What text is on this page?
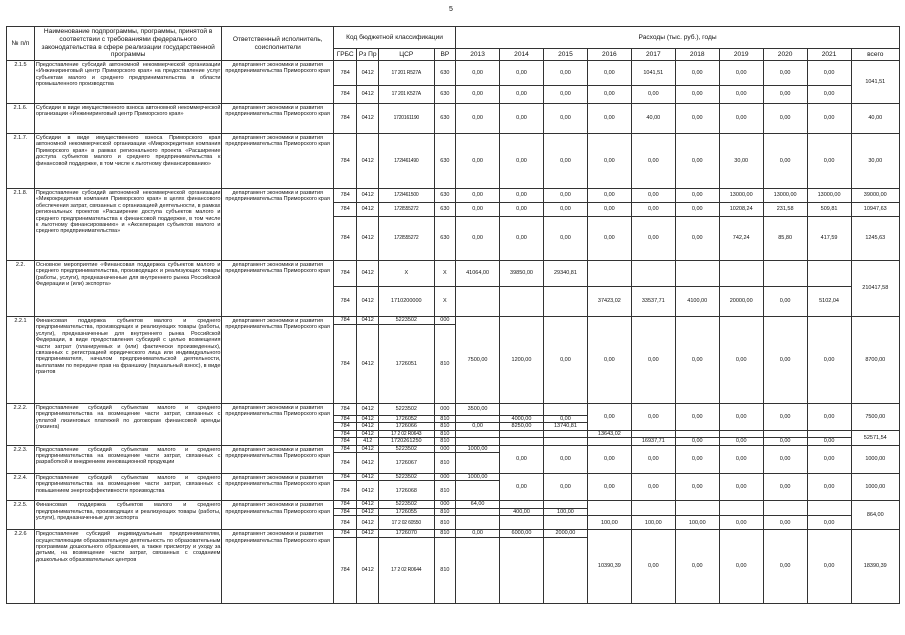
5
№ п/п	Наименование подпрограммы, программы, принятой в соответствии с требованиями федерального законодательства в сфере реализации государственной программы	Ответственный исполнитель, соисполнители	Код бюджетной классификации				Расходы (тыс. руб.), годы									
			ГРБС	Рз Пр	ЦСР	ВР	2013	2014	2015	2016	2017	2018	2019	2020	2021	всего
2.1.5	Предоставление субсидий автономной некоммерческой организации «Инжиниринговый центр Приморского края» на предоставление услуг субъектам малого и среднего предпринимательства в области промышленного производства	департамент экономики и развития предпринимательства Приморского края	784	0412	17 201 R527A	630	0,00	0,00	0,00	0,00	1041,51	0,00	0,00	0,00	0,00	1041,51
			784	0412	17 201 K527A	630	0,00	0,00	0,00	0,00	0,00	0,00	0,00	0,00	0,00	
2.1.6.	Субсидии в виде имущественного взноса автономной некоммерческой организации «Инжиниринговый центр Приморского края»	департамент экономики и развития предпринимательства Приморского края	784	0412	1720161190	630	0,00	0,00	0,00	0,00	40,00	0,00	0,00	0,00	0,00	40,00
2.1.7.	Субсидии в виде имущественного взноса Приморского края автономной некоммерческой организации «Микрокредитная компания Приморского края» в рамках регионального проекта «Расширение доступа субъектов малого и среднего предпринимательства к финансовой поддержке, в том числе к льготному финансированию»	департамент экономики и развития предпринимательства Приморского края	784	0412	172I461490	630	0,00	0,00	0,00	0,00	0,00	0,00	30,00	0,00	0,00	30,00
2.1.8.	Предоставление субсидий автономной некоммерческой организации «Микрокредитная компания Приморского края» в целях финансового обеспечения затрат, связанных с организацией деятельности, в рамках региональных проектов «Расширение доступа субъектов малого и среднего предпринимательства к финансовой поддержке, в том числе к льготному финансированию» и «Акселерация субъектов малого и среднего предпринимательства»	департамент экономики и развития предпринимательства Приморского края	784	0412	172I461500	630	0,00	0,00	0,00	0,00	0,00	0,00	13000,00	13000,00	13000,00	39000,00
			784	0412	172I555272	630	0,00	0,00	0,00	0,00	0,00	0,00	10208,24	231,58	509,81	10947,63
			784	0412	172I555272	630	0,00	0,00	0,00	0,00	0,00	0,00	742,24	85,80	417,59	1245,63
2.2.	Основное мероприятие «Финансовая поддержка субъектов малого и среднего предпринимательства, производящих и реализующих товары (работы, услуги), предназначенные для внутреннего рынка Российской Федерации и (или) экспорта»	департамент экономики и развития предпринимательства Приморского края	784	0412	Х	Х	41064,00	39850,00	29340,81							210417,58
			784	0412	1710200000	Х				37423,02	33537,71	4100,00	20000,00	0,00	5102,04	
2.2.1	Финансовая поддержка субъектов малого и среднего предпринимательства, производящих и реализующих товары (работы, услуги), предназначенные для внутреннего рынка Российской Федерации, в виде предоставления субсидий с целью возмещения части затрат (планируемых и (или) фактически произведенных), связанных с регистрацией юридического лица или индивидуального предпринимателя, началом предпринимательской деятельности, выплатами по передаче прав на франшизу (паушальный взнос), в виде грантов	департамент экономики и развития предпринимательства Приморского края	784	0412	5223502	000	7500,00	1200,00	0,00	0,00	0,00	0,00	0,00	0,00	0,00	8700,00
			784	0412	1726051	810										
2.2.2.	Предоставление субсидий субъектам малого и среднего предпринимательства на возмещение части затрат, связанных с уплатой лизинговых платежей по договорам финансовой аренды (лизинга)	департамент экономики и развития предпринимательства Приморского края	784	0412	5223502	000	3500,00			0,00	0,00	0,00	0,00	0,00	0,00	7500,00
			784	0412	1726052	810		4000,00	0,00							
			784	0412	1726066	810	0,00	8250,00	13740,81							
			784	0412	17 2 02 R0643	810				13643,02						52571,54
			784	412	1720261250	810					16937,71	0,00	0,00	0,00	0,00	
2.2.3.	Предоставление субсидий субъектам малого и среднего предпринимательства на возмещение части затрат, связанных с разработкой и внедрением инновационной продукции	департамент экономики и развития предпринимательства Приморского края	784	0412	5223502	000	1000,00	0,00	0,00	0,00	0,00	0,00	0,00	0,00	0,00	1000,00
			784	0412	1726067	810										
2.2.4.	Предоставление субсидий субъектам малого и среднего предпринимательства на возмещение части затрат, связанных с повышением энергоэффективности производства	департамент экономики и развития предпринимательства Приморского края	784	0412	5223502	000	1000,00	0,00	0,00	0,00	0,00	0,00	0,00	0,00	0,00	1000,00
			784	0412	1726068	810										
2.2.5.	Финансовая поддержка субъектов малого и среднего предпринимательства, производящих и реализующих товары (работы, услуги), предназначенные для экспорта	департамент экономики и развития предпринимательства Приморского края	784	0412	5223502	000	64,00									864,00
			784	0412	1726055	810		400,00	100,00							
			784	0412	17 2 02 60550	810				100,00	100,00	100,00	0,00	0,00	0,00	
2.2.6	Предоставление субсидий индивидуальным предпринимателям, осуществляющим образовательную деятельность по образовательным программам дошкольного образования, а также присмотру и уходу за детьми, на возмещение части затрат, связанных с созданием дошкольных образовательных центров	департамент экономики и развития предпринимательства Приморского края	784	0412	1726070	810	0,00	6000,00	2000,00	10390,39	0,00	0,00	0,00	0,00	0,00	18390,39
			784	0412	17 2 02 R0644	810										
